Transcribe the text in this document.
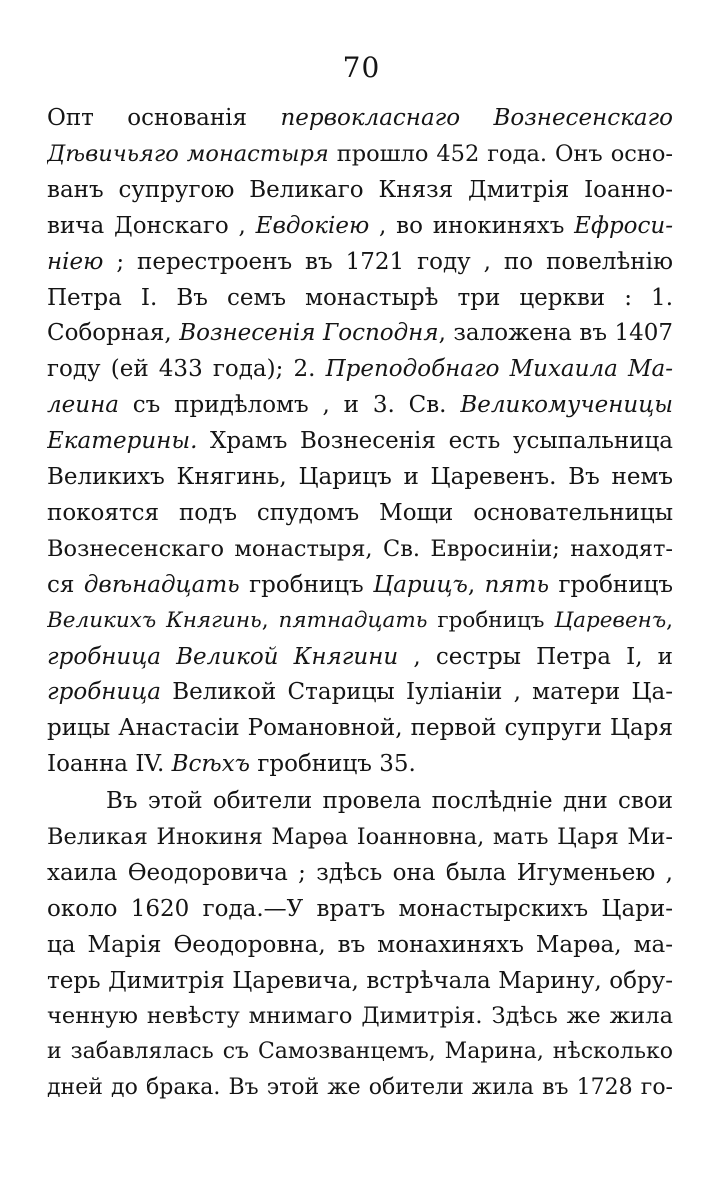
70
Опт основанія первокласнаго Вознесенскаго
Дѣвичьяго монастыря прошло 452 года. Онъ осно-
ванъ супругою Великаго Князя Дмитрія Іоанно-
вича Донскаго , Евдокіею , во инокиняхъ Ефроси-
ніею ; перестроенъ въ 1721 году , по повелѣнію
Петра I. Въ семъ монастырѣ три церкви : 1.
Соборная, Вознесенія Господня, заложена въ 1407
году (ей 433 года); 2. Преподобнаго Михаила Ма-
леина съ придѣломъ , и 3. Св. Великомученицы
Екатерины. Храмъ Вознесенія есть усыпальница
Великихъ Княгинь, Царицъ и Царевенъ. Въ немъ
покоятся подъ спудомъ Мощи основательницы
Вознесенскаго монастыря, Св. Евросиніи; находят-
ся двѣнадцать гробницъ Царицъ, пять гробницъ
Великихъ Княгинь, пятнадцать гробницъ Царевенъ,
гробница Великой Княгини , сестры Петра I, и
гробница Великой Старицы Іуліаніи , матери Ца-
рицы Анастасіи Романовной, первой супруги Царя
Іоанна IV. Всѣхъ гробницъ 35.
Въ этой обители провела послѣдніе дни свои
Великая Инокиня Марѳа Іоанновна, мать Царя Ми-
хаила Ѳеодоровича ; здѣсь она была Игуменьею ,
около 1620 года.—У вратъ монастырскихъ Цари-
ца Марія Ѳеодоровна, въ монахиняхъ Марѳа, ма-
терь Димитрія Царевича, встрѣчала Марину, обру-
ченную невѣсту мнимаго Димитрія. Здѣсь же жила
и забавлялась съ Самозванцемъ, Марина, нѣсколько
дней до брака. Въ этой же обители жила въ 1728 го-
